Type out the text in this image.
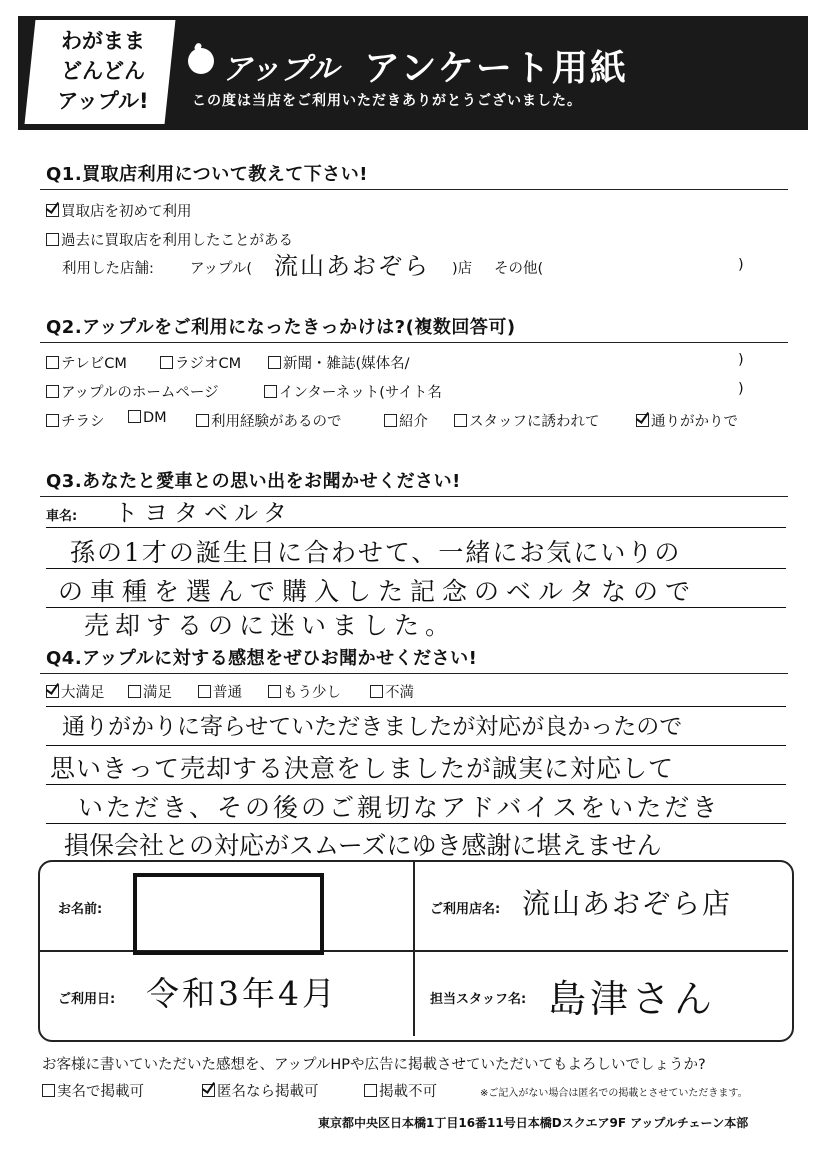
わがまま
どんどん
アップル!
アップル アンケート用紙
この度は当店をご利用いただきありがとうございました。
Q1.買取店利用について教えて下さい!
買取店を初めて利用
過去に買取店を利用したことがある
利用した店舗: アップル( 流山あおぞら )店 その他(	)
Q2.アップルをご利用になったきっかけは?(複数回答可)
テレビCM	ラジオCM	新聞・雑誌(媒体名/	)
アップルのホームページ	インターネット(サイト名	)
チラシ	DM	利用経験があるので	紹介	スタッフに誘われて	通りがかりで
Q3.あなたと愛車との思い出をお聞かせください!
車名: トヨタベルタ
孫の1才の誕生日に合わせて、一緒にお気にいりの
の車種を選んで購入した記念のベルタなので
売却するのに迷いました。
Q4.アップルに対する感想をぜひお聞かせください!
大満足	満足	普通	もう少し	不満
通りがかりに寄らせていただきましたが対応が良かったので
思いきって売却する決意をしましたが誠実に対応して
いただき、その後のご親切なアドバイスをいただき
損保会社との対応がスムーズにゆき感謝に堪えません
お名前:	ご利用店名: 流山あおぞら店
ご利用日: 令和3年4月	担当スタッフ名: 島津さん
お客様に書いていただいた感想を、アップルHPや広告に掲載させていただいてもよろしいでしょうか?
実名で掲載可	匿名なら掲載可	掲載不可	※ご記入がない場合は匿名での掲載とさせていただきます。
東京都中央区日本橋1丁目16番11号日本橋Dスクエア9F アップルチェーン本部
